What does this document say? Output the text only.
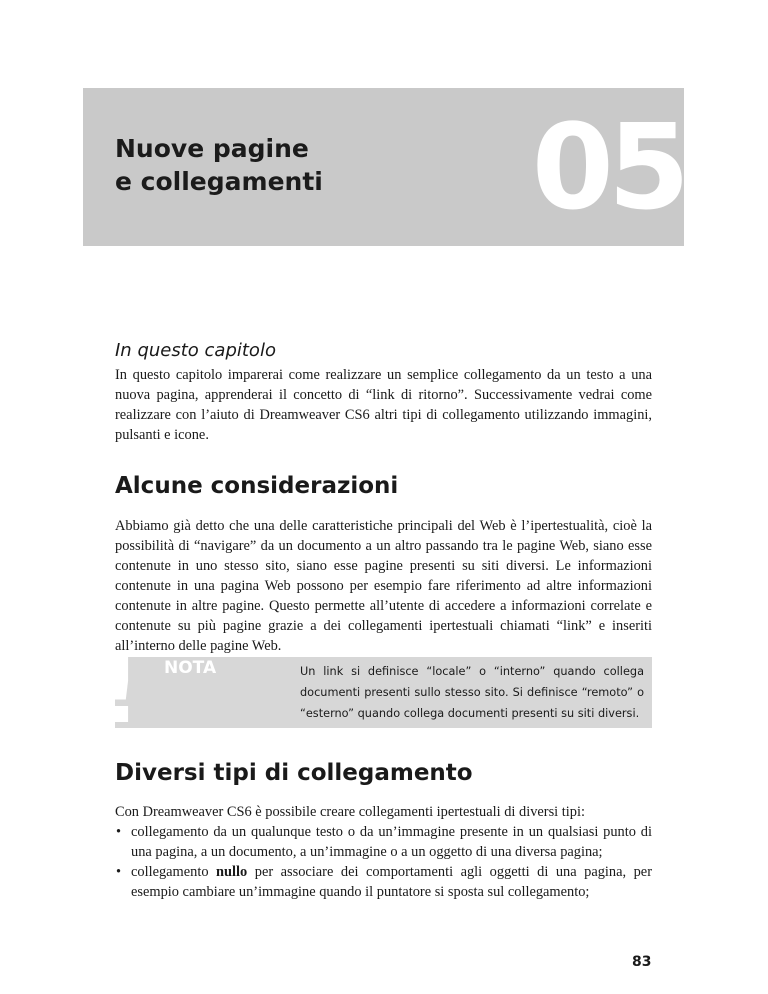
Nuove pagine
e collegamenti 05
In questo capitolo

In questo capitolo imparerai come realizzare un semplice collegamento da un testo a una nuova pagina, apprenderai il concetto di “link di ritorno”. Successivamente vedrai come realizzare con l’aiuto di Dreamweaver CS6 altri tipi di collegamento utilizzando immagini, pulsanti e icone.

Alcune considerazioni

Abbiamo già detto che una delle caratteristiche principali del Web è l’ipertestualità, cioè la possibilità di “navigare” da un documento a un altro passando tra le pagine Web, siano esse contenute in uno stesso sito, siano esse pagine presenti su siti diversi. Le informazioni contenute in una pagina Web possono per esempio fare riferimento ad altre informazioni contenute in altre pagine. Questo permette all’utente di accedere a informazioni correlate e contenute su più pagine grazie a dei collegamenti ipertestuali chiamati “link” e inseriti all’interno delle pagine Web.

! NOTA	Un link si definisce “locale” o “interno” quando collega documenti presenti sullo stesso sito. Si definisce “remoto” o “esterno” quando collega documenti presenti su siti diversi.

Diversi tipi di collegamento

Con Dreamweaver CS6 è possibile creare collegamenti ipertestuali di diversi tipi:

• collegamento da un qualunque testo o da un’immagine presente in un qualsiasi punto di una pagina, a un documento, a un’immagine o a un oggetto di una diversa pagina;
• collegamento nullo per associare dei comportamenti agli oggetti di una pagina, per esempio cambiare un’immagine quando il puntatore si sposta sul collegamento;
83
